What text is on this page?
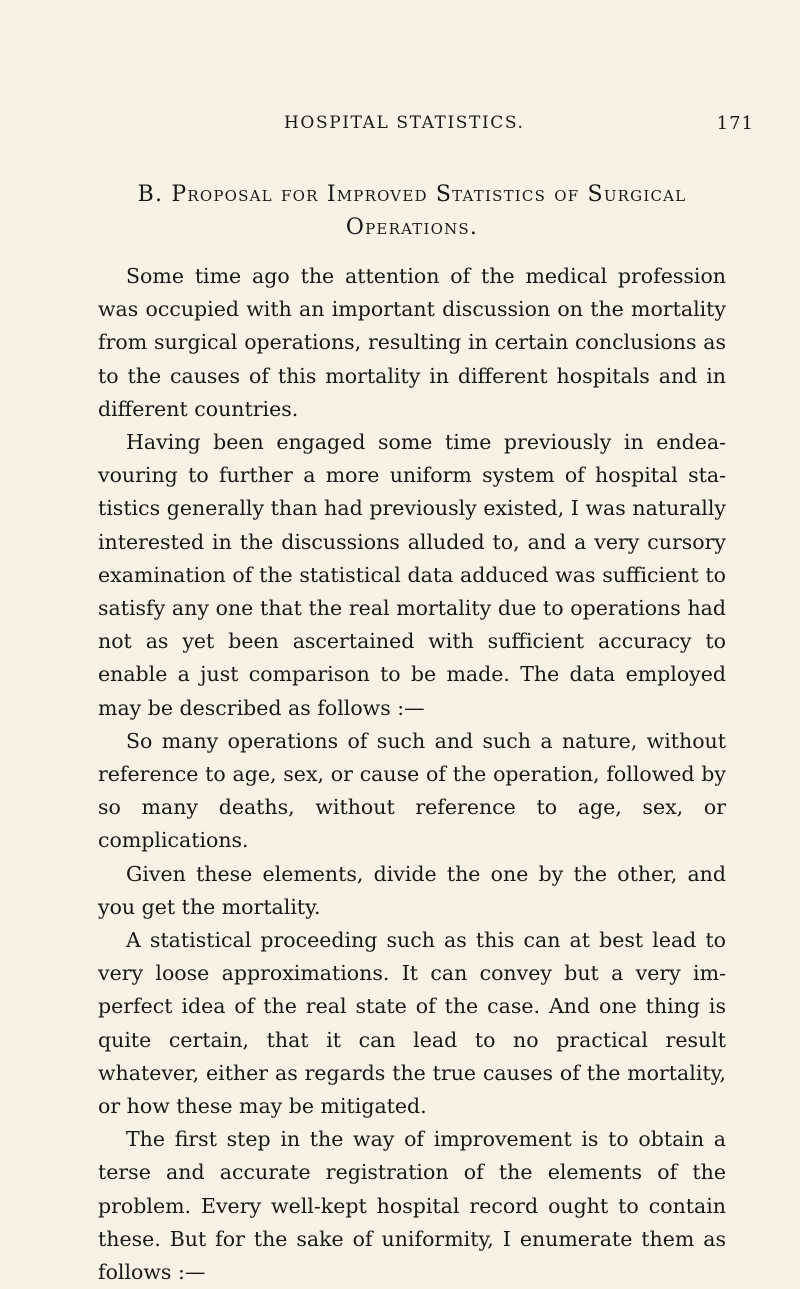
HOSPITAL STATISTICS.	171
B. Proposal for Improved Statistics of Surgical Operations.

Some time ago the attention of the medical profession was occupied with an important discussion on the mortality from surgical operations, resulting in certain conclusions as to the causes of this mortality in different hospitals and in different countries.

Having been engaged some time previously in endeavouring to further a more uniform system of hospital statistics generally than had previously existed, I was naturally interested in the discussions alluded to, and a very cursory examination of the statistical data adduced was sufficient to satisfy any one that the real mortality due to operations had not as yet been ascertained with sufficient accuracy to enable a just comparison to be made. The data employed may be described as follows :—

So many operations of such and such a nature, without reference to age, sex, or cause of the operation, followed by so many deaths, without reference to age, sex, or complications.

Given these elements, divide the one by the other, and you get the mortality.

A statistical proceeding such as this can at best lead to very loose approximations. It can convey but a very imperfect idea of the real state of the case. And one thing is quite certain, that it can lead to no practical result whatever, either as regards the true causes of the mortality, or how these may be mitigated.

The first step in the way of improvement is to obtain a terse and accurate registration of the elements of the problem. Every well-kept hospital record ought to contain these. But for the sake of uniformity, I enumerate them as follows :—
